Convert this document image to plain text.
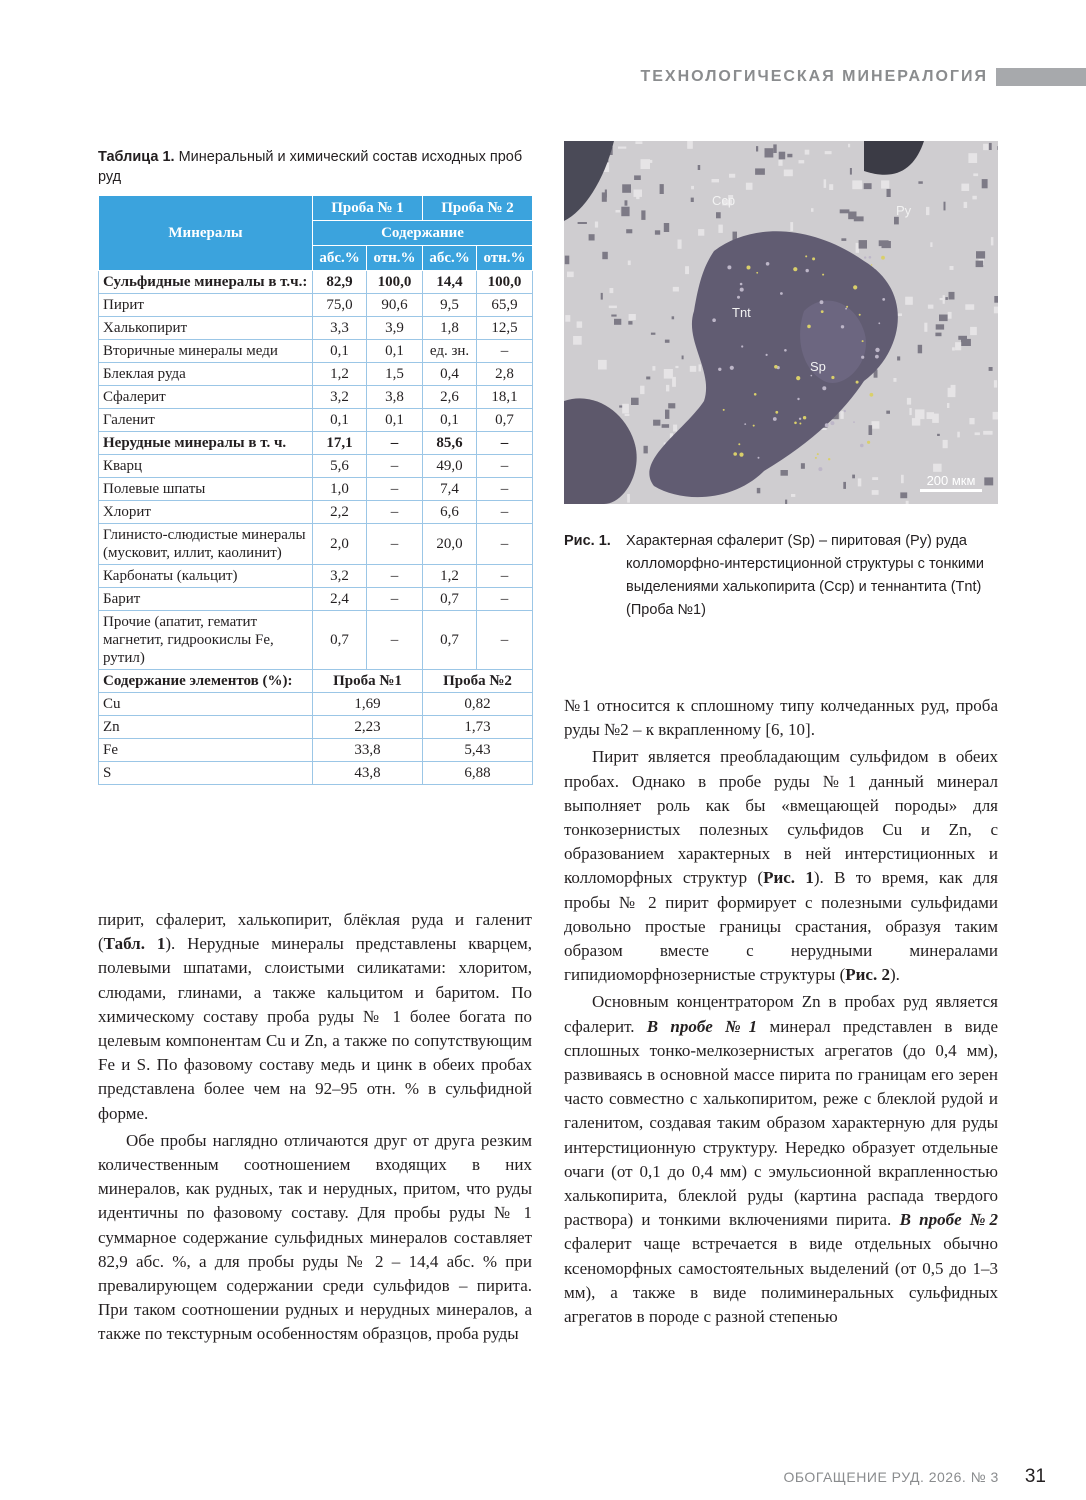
ТЕХНОЛОГИЧЕСКАЯ МИНЕРАЛОГИЯ
Таблица 1. Минеральный и химический состав исходных проб руд
Минералы	Проба № 1		Проба № 2	
	Содержание			
	абс.%	отн.%	абс.%	отн.%
Сульфидные минералы в т.ч.:	82,9	100,0	14,4	100,0
Пирит	75,0	90,6	9,5	65,9
Халькопирит	3,3	3,9	1,8	12,5
Вторичные минералы меди	0,1	0,1	ед. зн.	–
Блеклая руда	1,2	1,5	0,4	2,8
Сфалерит	3,2	3,8	2,6	18,1
Галенит	0,1	0,1	0,1	0,7
Нерудные минералы в т. ч.	17,1	–	85,6	–
Кварц	5,6	–	49,0	–
Полевые шпаты	1,0	–	7,4	–
Хлорит	2,2	–	6,6	–
Глинисто-слюдистые минералы (мусковит, иллит, каолинит)	2,0	–	20,0	–
Карбонаты (кальцит)	3,2	–	1,2	–
Барит	2,4	–	0,7	–
Прочие (апатит, гематит магнетит, гидроокислы Fe, рутил)	0,7	–	0,7	–
Содержание элементов (%):	Проба №1		Проба №2	
Cu	1,69		0,82	
Zn	2,23		1,73	
Fe	33,8		5,43	
S	43,8		6,88	
Ccp
Py
Tnt
Sp
200 мкм
Рис. 1.	Характерная сфалерит (Sp) – пиритовая (Py) руда колломорфно-интерстиционной структуры с тонкими выделениями халькопирита (Ccp) и теннантита (Tnt) (Проба №1)

пирит, сфалерит, халькопирит, блёклая руда и галенит (Табл. 1). Нерудные минералы представлены кварцем, полевыми шпатами, слоистыми силикатами: хлоритом, слюдами, глинами, а также кальцитом и баритом. По химическому составу проба руды № 1 более богата по целевым компонентам Cu и Zn, а также по сопутствующим Fe и S. По фазовому составу медь и цинк в обеих пробах представлена более чем на 92–95 отн. % в сульфидной форме.

Обе пробы наглядно отличаются друг от друга резким количественным соотношением входящих в них минералов, как рудных, так и нерудных, притом, что руды идентичны по фазовому составу. Для пробы руды № 1 суммарное содержание сульфидных минералов составляет 82,9 абс. %, а для пробы руды № 2 – 14,4 абс. % при превалирующем содержании среди сульфидов – пирита. При таком соотношении рудных и нерудных минералов, а также по текстурным особенностям образцов, проба руды

№1 относится к сплошному типу колчеданных руд, проба руды №2 – к вкрапленному [6, 10].

Пирит является преобладающим сульфидом в обеих пробах. Однако в пробе руды №1 данный минерал выполняет роль как бы «вмещающей породы» для тонкозернистых полезных сульфидов Cu и Zn, с образованием характерных в ней интерстиционных и колломорфных структур (Рис. 1). В то время, как для пробы № 2 пирит формирует с полезными сульфидами довольно простые границы срастания, образуя таким образом вместе с нерудными минералами гипидиоморфнозернистые структуры (Рис. 2).

Основным концентратором Zn в пробах руд является сфалерит. В пробе №1 минерал представлен в виде сплошных тонко-мелкозернистых агрегатов (до 0,4 мм), развиваясь в основной массе пирита по границам его зерен часто совместно с халькопиритом, реже с блеклой рудой и галенитом, создавая таким образом характерную для руды интерстиционную структуру. Нередко образует отдельные очаги (от 0,1 до 0,4 мм) с эмульсионной вкрапленностью халькопирита, блеклой руды (картина распада твердого раствора) и тонкими включениями пирита. В пробе №2 сфалерит чаще встречается в виде отдельных обычно ксеноморфных самостоятельных выделений (от 0,5 до 1–3 мм), а также в виде полиминеральных сульфидных агрегатов в породе с разной степенью

ОБОГАЩЕНИЕ РУД. 2026. № 3 31
